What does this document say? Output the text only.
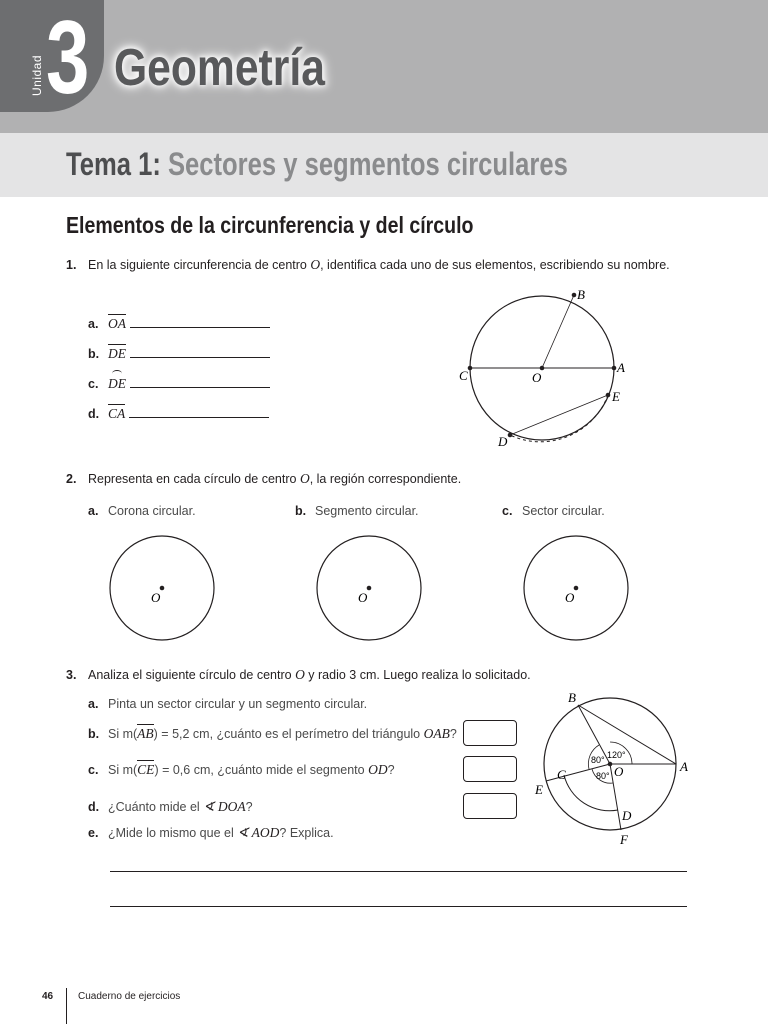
Unidad 3 Geometría
Tema 1: Sectores y segmentos circulares
Elementos de la circunferencia y del círculo
1. En la siguiente circunferencia de centro O, identifica cada uno de sus elementos, escribiendo su nombre.
a. OA
b. DE
c. DE
d. CA
B
A
C	O
E
D
2. Representa en cada círculo de centro O, la región correspondiente.
a. Corona circular.	b. Segmento circular.	c. Sector circular.
O	O	O
3. Analiza el siguiente círculo de centro O y radio 3 cm. Luego realiza lo solicitado.
a. Pinta un sector circular y un segmento circular.
b. Si m(AB) = 5,2 cm, ¿cuánto es el perímetro del triángulo OAB?
c. Si m(CE) = 0,6 cm, ¿cuánto mide el segmento OD?
d. ¿Cuánto mide el ∢ DOA?
e. ¿Mide lo mismo que el ∢ AOD? Explica.
120°
80°
80°
B
A
C	O
E
D
F
46 Cuaderno de ejercicios
